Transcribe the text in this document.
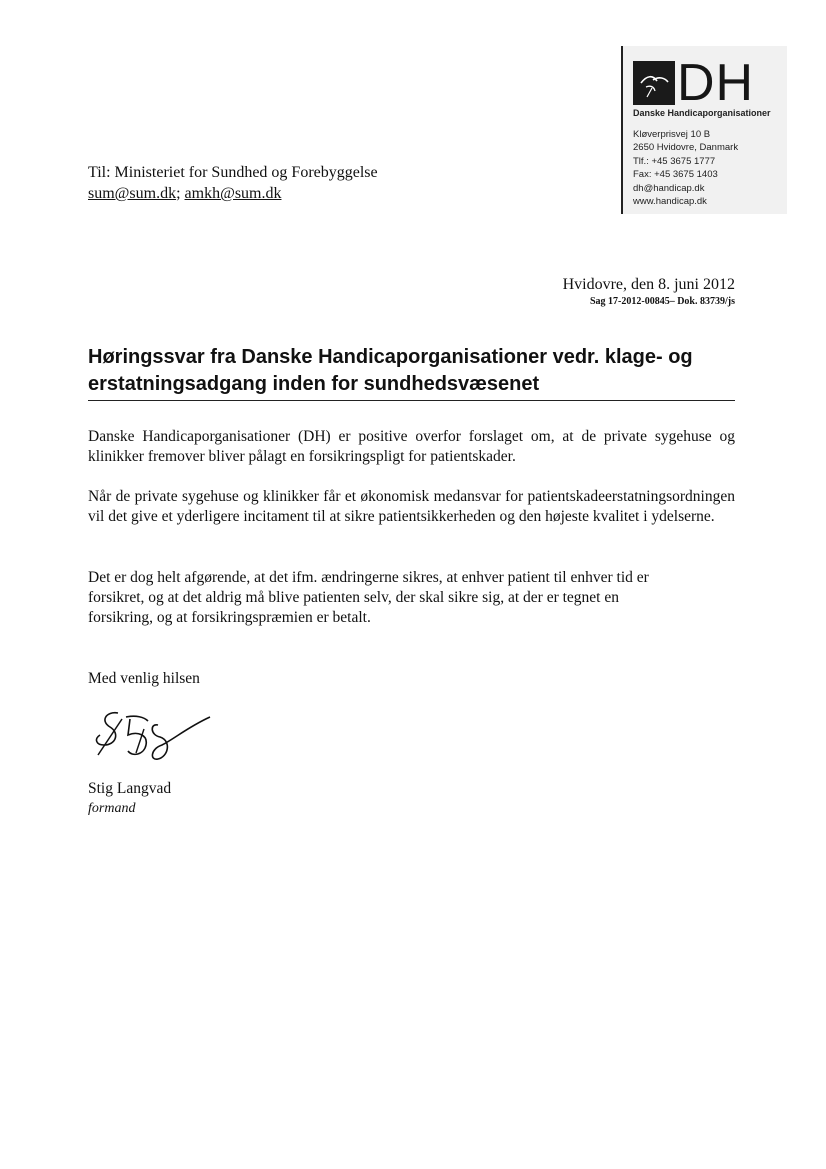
DH
Danske Handicaporganisationer
Kløverprisvej 10 B
2650 Hvidovre, Danmark
Tlf.: +45 3675 1777
Fax: +45 3675 1403
dh@handicap.dk
www.handicap.dk
Til: Ministeriet for Sundhed og Forebyggelse
sum@sum.dk; amkh@sum.dk
Hvidovre, den 8. juni 2012
Sag 17-2012-00845– Dok. 83739/js
Høringssvar fra Danske Handicaporganisationer vedr. klage- og erstatningsadgang inden for sundhedsvæsenet
Danske Handicaporganisationer (DH) er positive overfor forslaget om, at de private sygehuse og klinikker fremover bliver pålagt en forsikringspligt for patientskader.
Når de private sygehuse og klinikker får et økonomisk medansvar for patientskadeerstatningsordningen vil det give et yderligere incitament til at sikre patientsikkerheden og den højeste kvalitet i ydelserne.
Det er dog helt afgørende, at det ifm. ændringerne sikres, at enhver patient til enhver tid er
forsikret, og at det aldrig må blive patienten selv, der skal sikre sig, at der er tegnet en
forsikring, og at forsikringspræmien er betalt.
Med venlig hilsen
Stig Langvad
formand
